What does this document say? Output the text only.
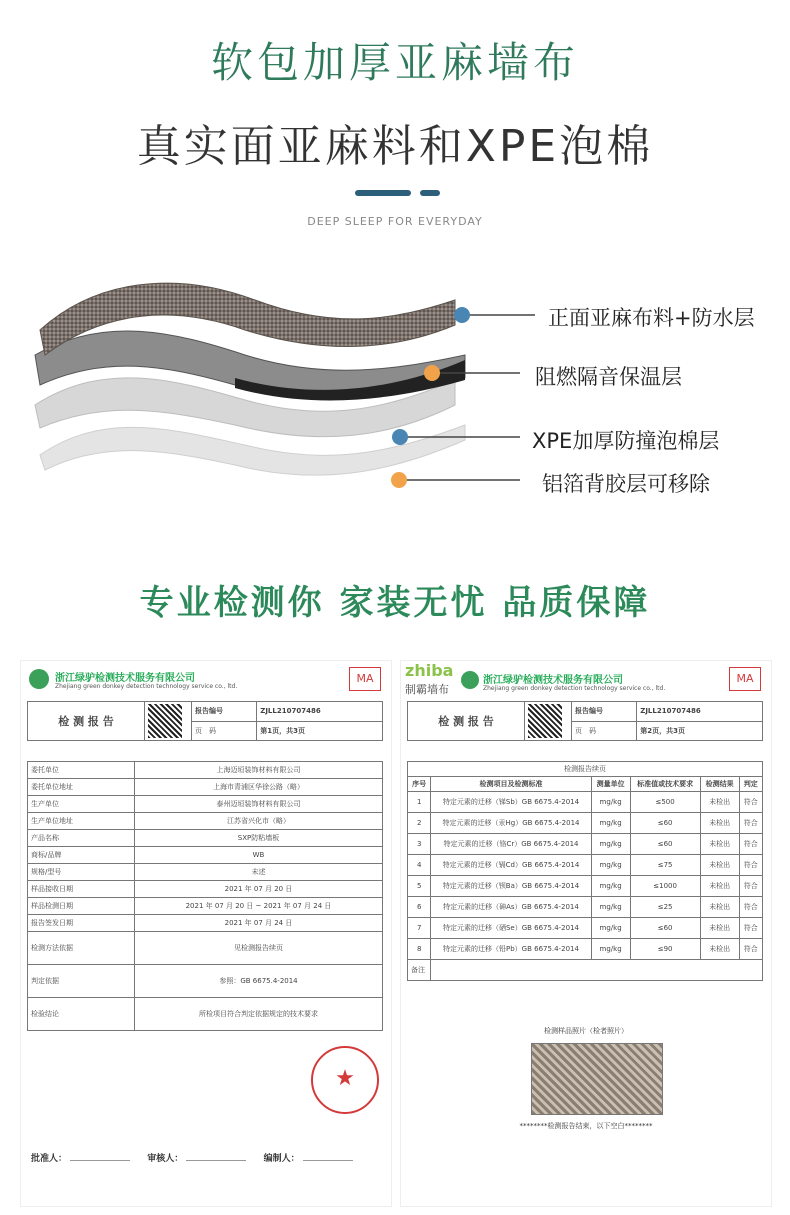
软包加厚亚麻墙布
真实面亚麻料和XPE泡棉
DEEP SLEEP FOR EVERYDAY
正面亚麻布料+防水层
阻燃隔音保温层
XPE加厚防撞泡棉层
铝箔背胶层可移除
专业检测你 家装无忧 品质保障
浙江绿驴检测技术服务有限公司
Zhejiang green donkey detection technology service co., ltd.
MA
检 测 报 告		报告编号	ZJLL210707486
		页　码	第1页，共3页
委托单位	上海迈垣装饰材料有限公司
委托单位地址	上海市青浦区华徐公路（略）
生产单位	泰州迈垣装饰材料有限公司
生产单位地址	江苏省兴化市（略）
产品名称	SXP防粘墙板
商标/品牌	WB
规格/型号	未述
样品接收日期	2021 年 07 月 20 日
样品检测日期	2021 年 07 月 20 日 ~ 2021 年 07 月 24 日
报告签发日期	2021 年 07 月 24 日
检测方法依据	见检测报告续页
判定依据	参照：GB 6675.4-2014
检验结论	所检项目符合判定依据规定的技术要求
★
批准人：	审核人：	编制人：
zhiba
制霸墙布
浙江绿驴检测技术服务有限公司
Zhejiang green donkey detection technology service co., ltd.
MA
检 测 报 告		报告编号	ZJLL210707486
		页　码	第2页，共3页
检测报告续页					
序号	检测项目及检测标准	测量单位	标准值或技术要求	检测结果	判定
1	特定元素的迁移（锑Sb）GB 6675.4-2014	mg/kg	≤500	未检出	符合
2	特定元素的迁移（汞Hg）GB 6675.4-2014	mg/kg	≤60	未检出	符合
3	特定元素的迁移（铬Cr）GB 6675.4-2014	mg/kg	≤60	未检出	符合
4	特定元素的迁移（镉Cd）GB 6675.4-2014	mg/kg	≤75	未检出	符合
5	特定元素的迁移（钡Ba）GB 6675.4-2014	mg/kg	≤1000	未检出	符合
6	特定元素的迁移（砷As）GB 6675.4-2014	mg/kg	≤25	未检出	符合
7	特定元素的迁移（硒Se）GB 6675.4-2014	mg/kg	≤60	未检出	符合
8	特定元素的迁移（铅Pb）GB 6675.4-2014	mg/kg	≤90	未检出	符合
备注					
检测样品照片（检者照片）
********检测报告结束，以下空白********
